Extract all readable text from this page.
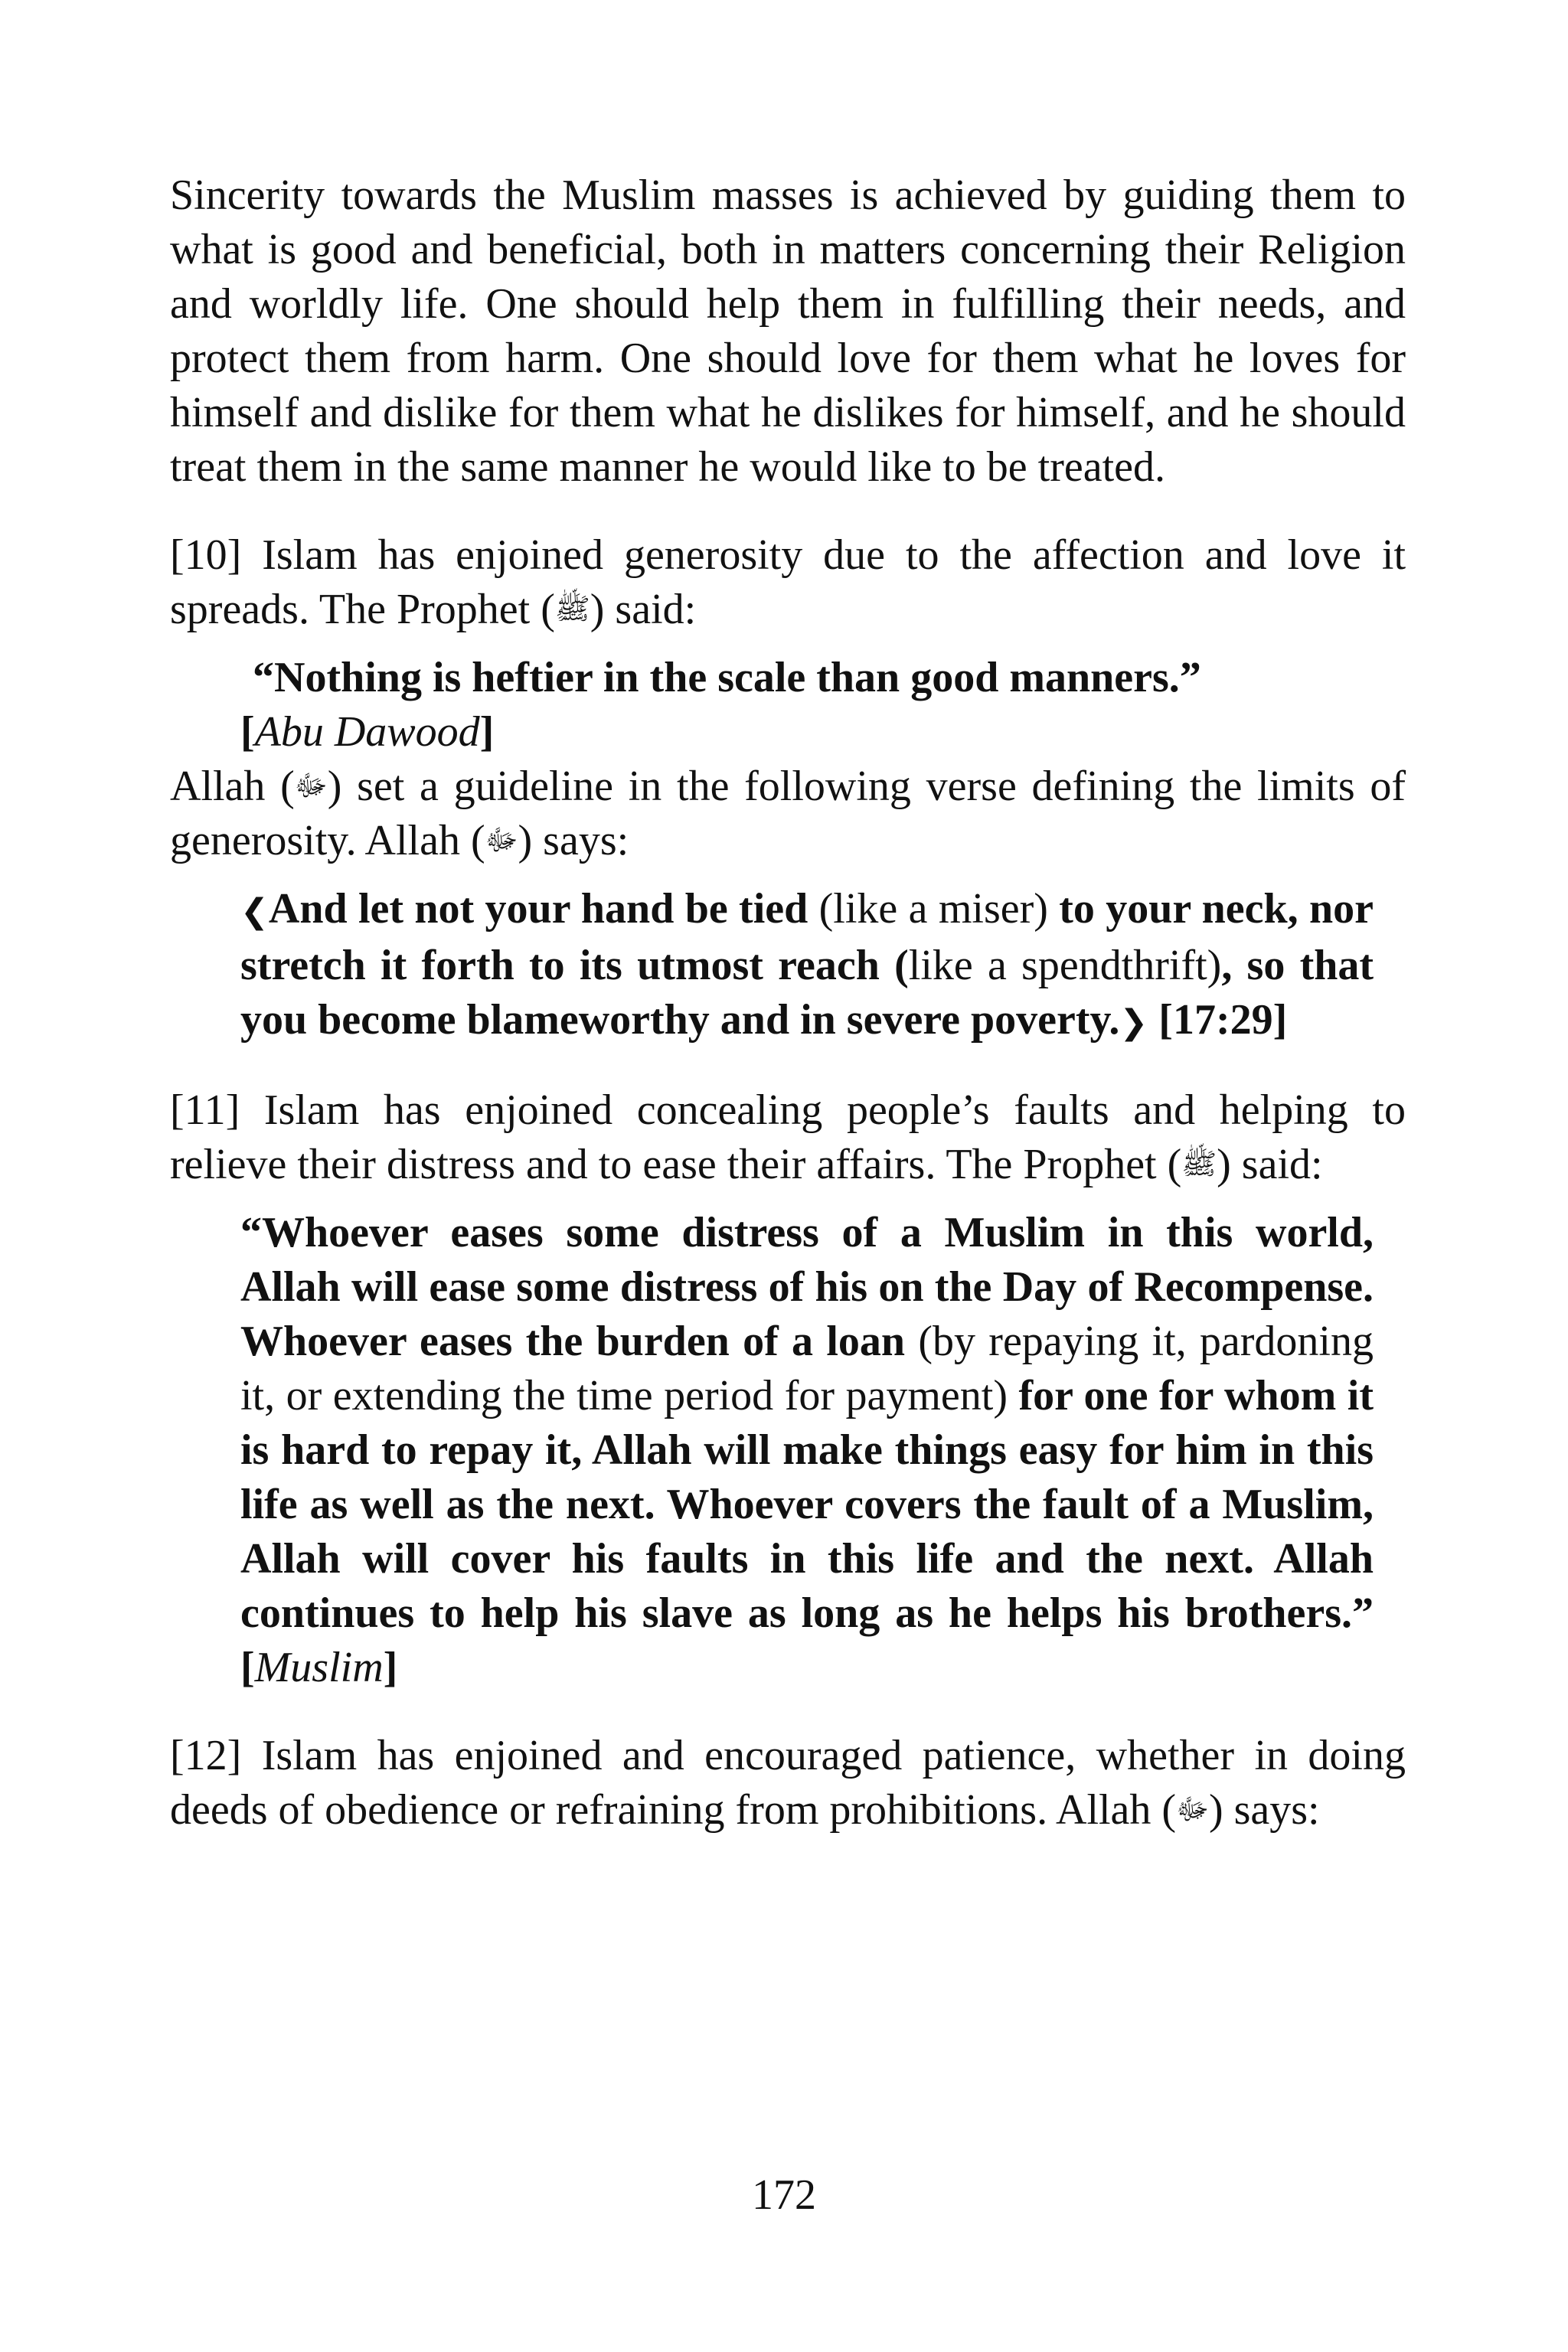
Sincerity towards the Muslim masses is achieved by guiding them to what is good and beneficial, both in matters concerning their Religion and worldly life. One should help them in fulfilling their needs, and protect them from harm. One should love for them what he loves for himself and dislike for them what he dislikes for himself, and he should treat them in the same manner he would like to be treated.

[10] Islam has enjoined generosity due to the affection and love it spreads. The Prophet (ﷺ) said:

“Nothing is heftier in the scale than good manners.”
[Abu Dawood]

Allah (ﷻ) set a guideline in the following verse defining the limits of generosity. Allah (ﷻ) says:

❮And let not your hand be tied (like a miser) to your neck, nor stretch it forth to its utmost reach (like a spendthrift), so that you become blameworthy and in severe poverty.❯ [17:29]

[11] Islam has enjoined concealing people’s faults and helping to relieve their distress and to ease their affairs. The Prophet (ﷺ) said:

“Whoever eases some distress of a Muslim in this world, Allah will ease some distress of his on the Day of Recompense. Whoever eases the burden of a loan (by repaying it, pardoning it, or extending the time period for payment) for one for whom it is hard to repay it, Allah will make things easy for him in this life as well as the next. Whoever covers the fault of a Muslim, Allah will cover his faults in this life and the next. Allah continues to help his slave as long as he helps his brothers.” [Muslim]

[12] Islam has enjoined and encouraged patience, whether in doing deeds of obedience or refraining from prohibitions. Allah (ﷻ) says:

172
